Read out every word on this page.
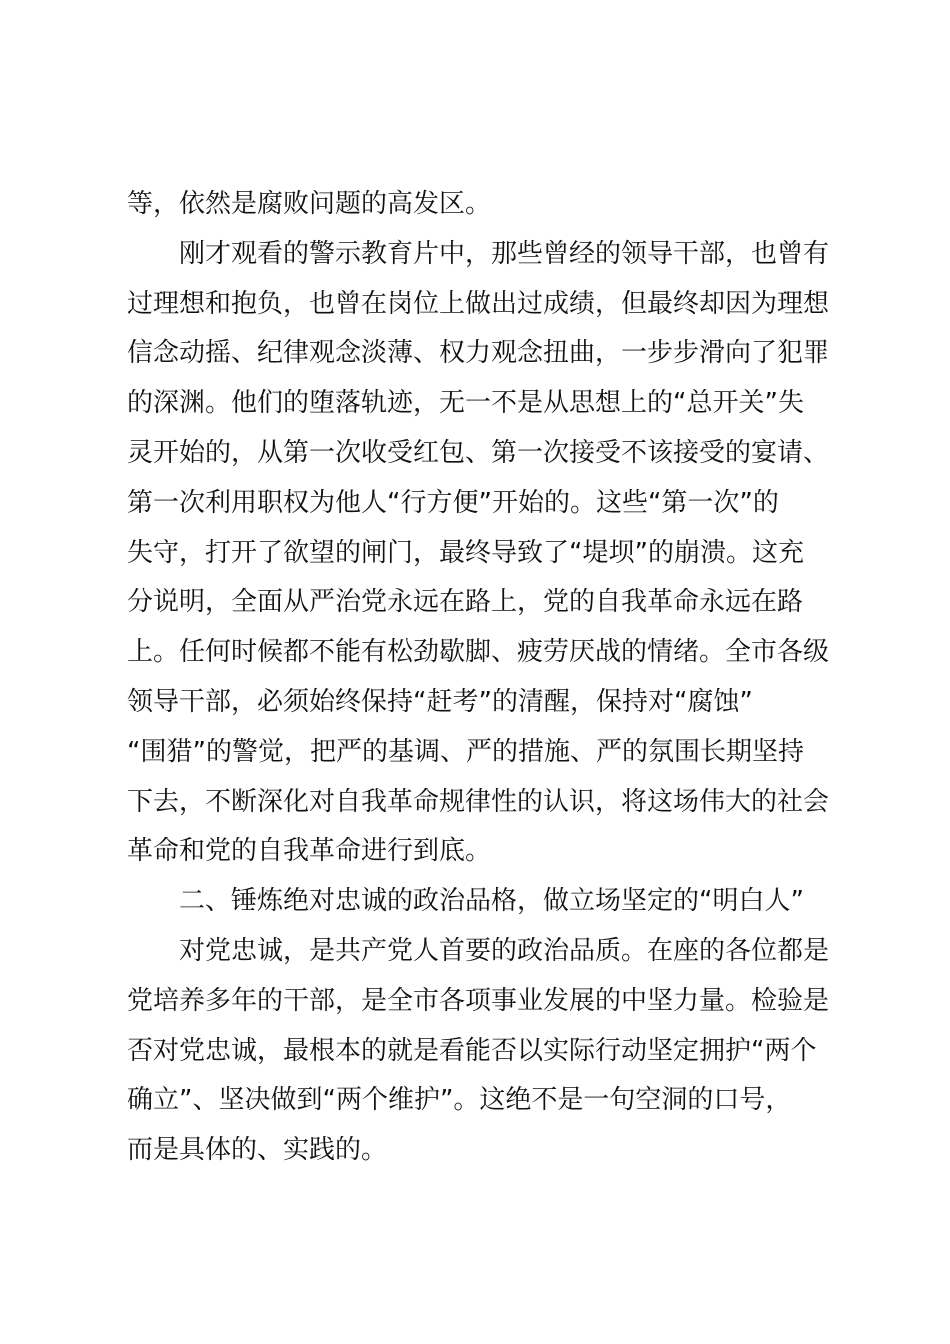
等，依然是腐败问题的高发区。
刚才观看的警示教育片中，那些曾经的领导干部，也曾有
过理想和抱负，也曾在岗位上做出过成绩，但最终却因为理想
信念动摇、纪律观念淡薄、权力观念扭曲，一步步滑向了犯罪
的深渊。他们的堕落轨迹，无一不是从思想上的“总开关”失
灵开始的，从第一次收受红包、第一次接受不该接受的宴请、
第一次利用职权为他人“行方便”开始的。这些“第一次”的
失守，打开了欲望的闸门，最终导致了“堤坝”的崩溃。这充
分说明，全面从严治党永远在路上，党的自我革命永远在路
上。任何时候都不能有松劲歇脚、疲劳厌战的情绪。全市各级
领导干部，必须始终保持“赶考”的清醒，保持对“腐蚀”
“围猎”的警觉，把严的基调、严的措施、严的氛围长期坚持
下去，不断深化对自我革命规律性的认识，将这场伟大的社会
革命和党的自我革命进行到底。
二、锤炼绝对忠诚的政治品格，做立场坚定的“明白人”
对党忠诚，是共产党人首要的政治品质。在座的各位都是
党培养多年的干部，是全市各项事业发展的中坚力量。检验是
否对党忠诚，最根本的就是看能否以实际行动坚定拥护“两个
确立”、坚决做到“两个维护”。这绝不是一句空洞的口号，
而是具体的、实践的。
